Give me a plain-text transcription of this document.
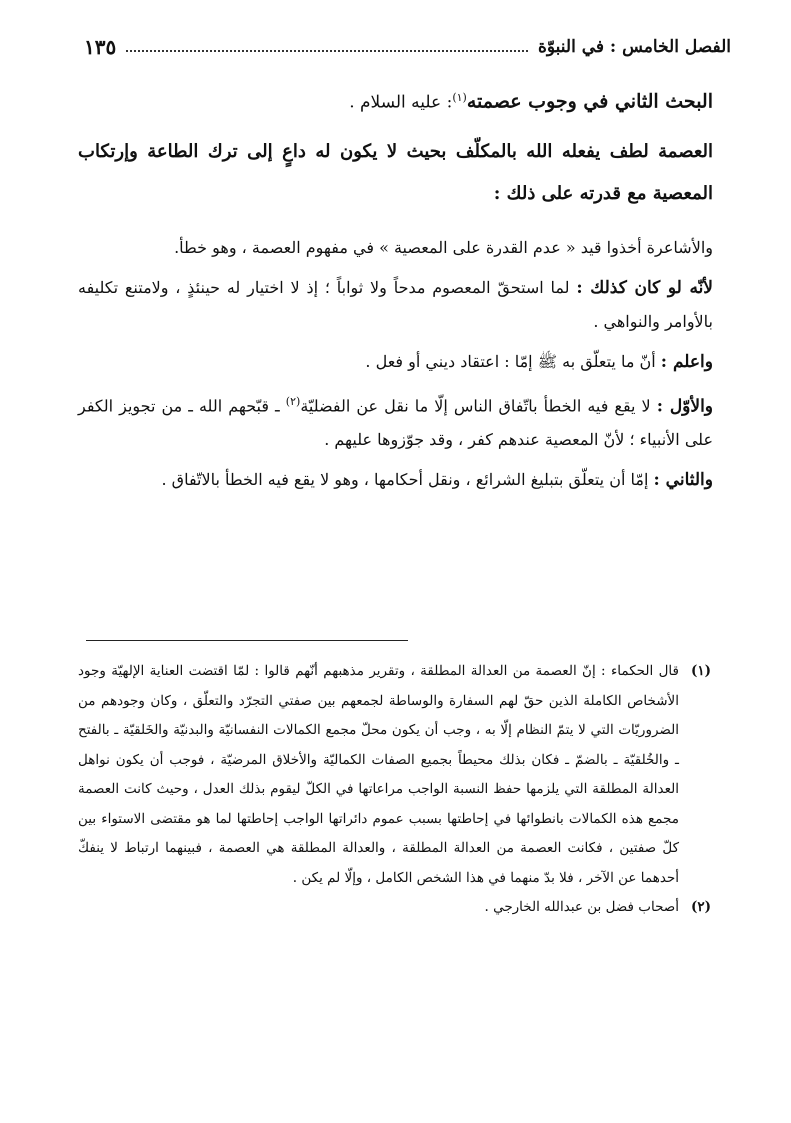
الفصل الخامس : في النبوّة
١٣٥
البحث الثاني في وجوب عصمته$^{(١)}$: عليه السلام .
العصمة لطف يفعله الله بالمكلّف بحيث لا يكون له داعٍ إلى ترك الطاعة وإرتكاب المعصية مع قدرته على ذلك :

والأشاعرة أخذوا قيد « عدم القدرة على المعصية » في مفهوم العصمة ، وهو خطأ.

لأنّه لو كان كذلك : لما استحقّ المعصوم مدحاً ولا ثواباً ؛ إذ لا اختيار له حينئذٍ ، ولامتنع تكليفه بالأوامر والنواهي .

واعلم : أنّ ما يتعلّق به ﷺ إمّا : اعتقاد ديني أو فعل .

والأوّل : لا يقع فيه الخطأ باتّفاق الناس إلّا ما نقل عن الفضليّة$^{(٢)}$ ـ قبّحهم الله ـ من تجويز الكفر على الأنبياء ؛ لأنّ المعصية عندهم كفر ، وقد جوّزوها عليهم .

والثاني : إمّا أن يتعلّق بتبليغ الشرائع ، ونقل أحكامها ، وهو لا يقع فيه الخطأ بالاتّفاق .

(١)
قال الحكماء : إنّ العصمة من العدالة المطلقة ، وتقرير مذهبهم أنّهم قالوا : لمّا اقتضت العناية الإلهيّة وجود الأشخاص الكاملة الذين حقّ لهم السفارة والوساطة لجمعهم بين صفتي التجرّد والتعلّق ، وكان وجودهم من الضروريّات التي لا يتمّ النظام إلّا به ، وجب أن يكون محلّ مجمع الكمالات النفسانيّة والبدنيّة والخَلقيّة ـ بالفتح ـ والخُلقيّة ـ بالضمّ ـ فكان بذلك محيطاً بجميع الصفات الكماليّة والأخلاق المرضيّة ، فوجب أن يكون نواهل العدالة المطلقة التي يلزمها حفظ النسبة الواجب مراعاتها في الكلّ ليقوم بذلك العدل ، وحيث كانت العصمة مجمع هذه الكمالات بانطوائها في إحاطتها بسبب عموم دائراتها الواجب إحاطتها لما هو مقتضى الاستواء بين كلّ صفتين ، فكانت العصمة من العدالة المطلقة ، والعدالة المطلقة هي العصمة ، فبينهما ارتباط لا ينفكّ أحدهما عن الآخر ، فلا بدّ منهما في هذا الشخص الكامل ، وإلّا لم يكن .
(٢)
أصحاب فضل بن عبدالله الخارجي .
